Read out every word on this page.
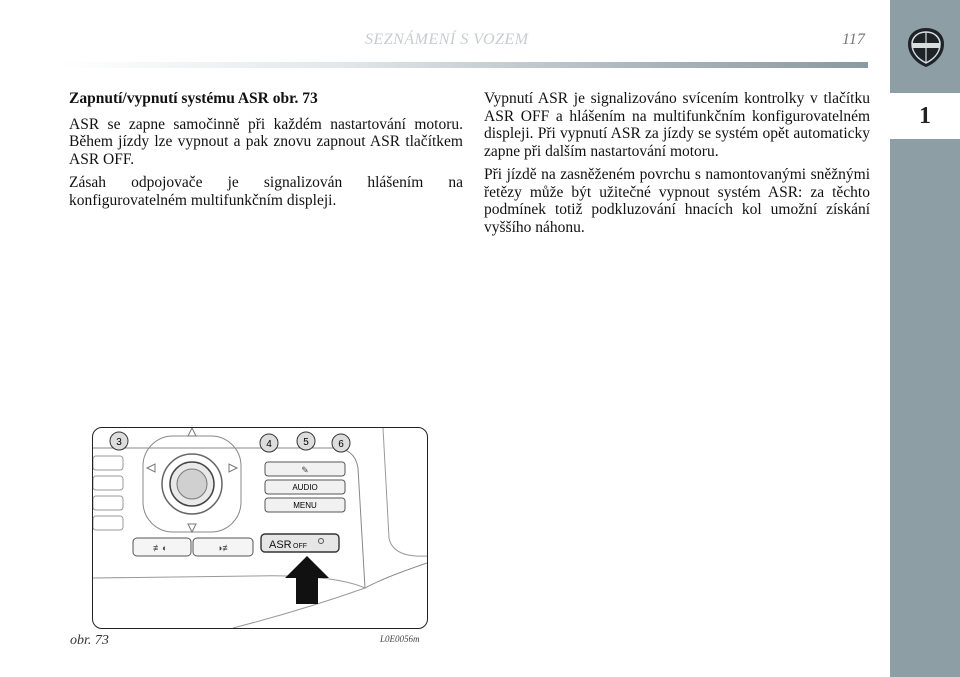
SEZNÁMENÍ S VOZEM	117
1

Zapnutí/vypnutí systému ASR obr. 73

ASR se zapne samočinně při každém nastartování motoru. Během jízdy lze vypnout a pak znovu zapnout ASR tlačítkem ASR OFF.

Zásah odpojovače je signalizován hlášením na konfigurovatelném multifunkčním displeji.

Vypnutí ASR je signalizováno svícením kontrolky v tlačítku ASR OFF a hlášením na multifunkčním konfigurovatelném displeji. Při vypnutí ASR za jízdy se systém opět automaticky zapne při dalším nastartování motoru.

Při jízdě na zasněženém povrchu s namontovanými sněžnými řetězy může být užitečné vypnout systém ASR: za těchto podmínek totiž podkluzování hnacích kol umožní získání vyššího náhonu.

3	4	5	6
✎
AUDIO
MENU
≢◐	◑≢	ASR OFF
obr. 73	L0E0056m
